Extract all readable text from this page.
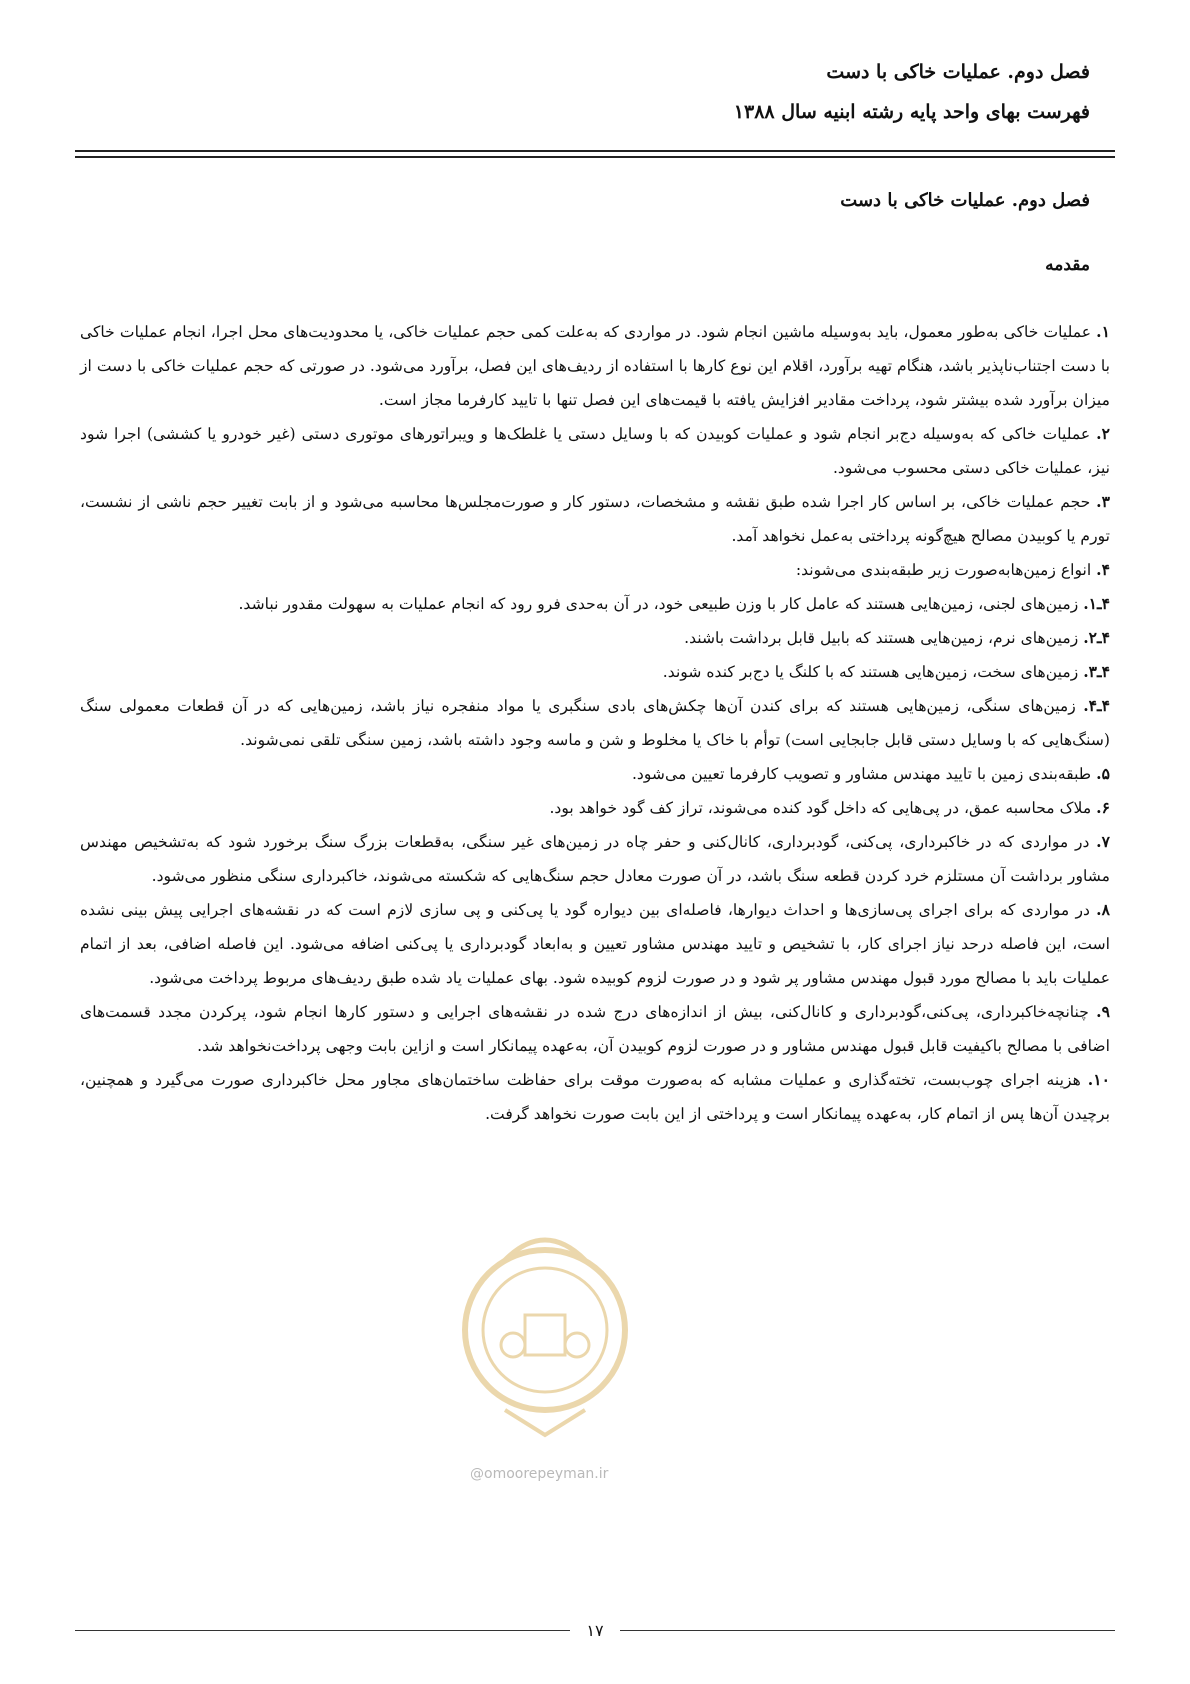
فصل دوم. عملیات خاکی با دست
فهرست بهای واحد پایه رشته ابنیه سال ۱۳۸۸
فصل دوم. عملیات خاکی با دست
مقدمه

۱. عملیات خاکی به‌طور معمول، باید به‌وسیله ماشین انجام شود. در مواردی که به‌علت کمی حجم عملیات خاکی، یا محدودیت‌های محل اجرا، انجام عملیات خاکی با دست اجتناب‌ناپذیر باشد، هنگام تهیه برآورد، اقلام این نوع کارها با استفاده از ردیف‌های این فصل، برآورد می‌شود. در صورتی که حجم عملیات خاکی با دست از میزان برآورد شده بیشتر شود، پرداخت مقادیر افزایش یافته با قیمت‌های این فصل تنها با تایید کارفرما مجاز است.

۲. عملیات خاکی که به‌وسیله دج‌بر انجام شود و عملیات کوبیدن که با وسایل دستی یا غلطک‌ها و ویبراتورهای موتوری دستی (غیر خودرو یا کششی) اجرا شود نیز، عملیات خاکی دستی محسوب می‌شود.

۳. حجم عملیات خاکی، بر اساس کار اجرا شده طبق نقشه و مشخصات، دستور کار و صورت‌مجلس‌ها محاسبه می‌شود و از بابت تغییر حجم ناشی از نشست، تورم یا کوبیدن مصالح هیچ‌گونه پرداختی به‌عمل نخواهد آمد.

۴. انواع زمین‌هابه‌صورت زیر طبقه‌بندی می‌شوند:

۴ـ۱. زمین‌های لجنی، زمین‌هایی هستند که عامل کار با وزن طبیعی خود، در آن به‌حدی فرو رود که انجام عملیات به سهولت مقدور نباشد.

۴ـ۲. زمین‌های نرم، زمین‌هایی هستند که بابیل قابل برداشت باشند.

۴ـ۳. زمین‌های سخت، زمین‌هایی هستند که با کلنگ یا دج‌بر کنده شوند.

۴ـ۴. زمین‌های سنگی، زمین‌هایی هستند که برای کندن آن‌ها چکش‌های بادی سنگبری یا مواد منفجره نیاز باشد، زمین‌هایی که در آن قطعات معمولی سنگ (سنگ‌هایی که با وسایل دستی قابل جابجایی است) توأم با خاک یا مخلوط و شن و ماسه وجود داشته باشد، زمین سنگی تلقی نمی‌شوند.

۵. طبقه‌بندی زمین با تایید مهندس مشاور و تصویب کارفرما تعیین می‌شود.

۶. ملاک محاسبه عمق، در پی‌هایی که داخل گود کنده می‌شوند، تراز کف گود خواهد بود.

۷. در مواردی که در خاکبرداری، پی‌کنی، گودبرداری، کانال‌کنی و حفر چاه در زمین‌های غیر سنگی، به‌قطعات بزرگ سنگ برخورد شود که به‌تشخیص مهندس مشاور برداشت آن مستلزم خرد کردن قطعه سنگ باشد، در آن صورت معادل حجم سنگ‌هایی که شکسته می‌شوند، خاکبرداری سنگی منظور می‌شود.

۸. در مواردی که برای اجرای پی‌سازی‌ها و احداث دیوارها، فاصله‌ای بین دیواره گود یا پی‌کنی و پی سازی لازم است که در نقشه‌های اجرایی پیش بینی نشده است، این فاصله درحد نیاز اجرای کار، با تشخیص و تایید مهندس مشاور تعیین و به‌ابعاد گودبرداری یا پی‌کنی اضافه می‌شود. این فاصله اضافی، بعد از اتمام عملیات باید با مصالح مورد قبول مهندس مشاور پر شود و در صورت لزوم کوبیده شود. بهای عملیات یاد شده طبق ردیف‌های مربوط پرداخت می‌شود.

۹. چنانچه‌خاکبرداری، پی‌کنی،گودبرداری و کانال‌کنی، بیش از اندازه‌های درج شده در نقشه‌های اجرایی و دستور کارها انجام شود، پرکردن مجدد قسمت‌های اضافی با مصالح باکیفیت قابل قبول مهندس مشاور و در صورت لزوم کوبیدن آن، به‌عهده پیمانکار است و ازاین بابت وجهی پرداخت‌نخواهد شد.

۱۰. هزینه اجرای چوب‌بست، تخته‌گذاری و عملیات مشابه که به‌صورت موقت برای حفاظت ساختمان‌های مجاور محل خاکبرداری صورت می‌گیرد و همچنین، برچیدن آن‌ها پس از اتمام کار، به‌عهده پیمانکار است و پرداختی از این بابت صورت نخواهد گرفت.

@omoorepeyman.ir
۱۷
